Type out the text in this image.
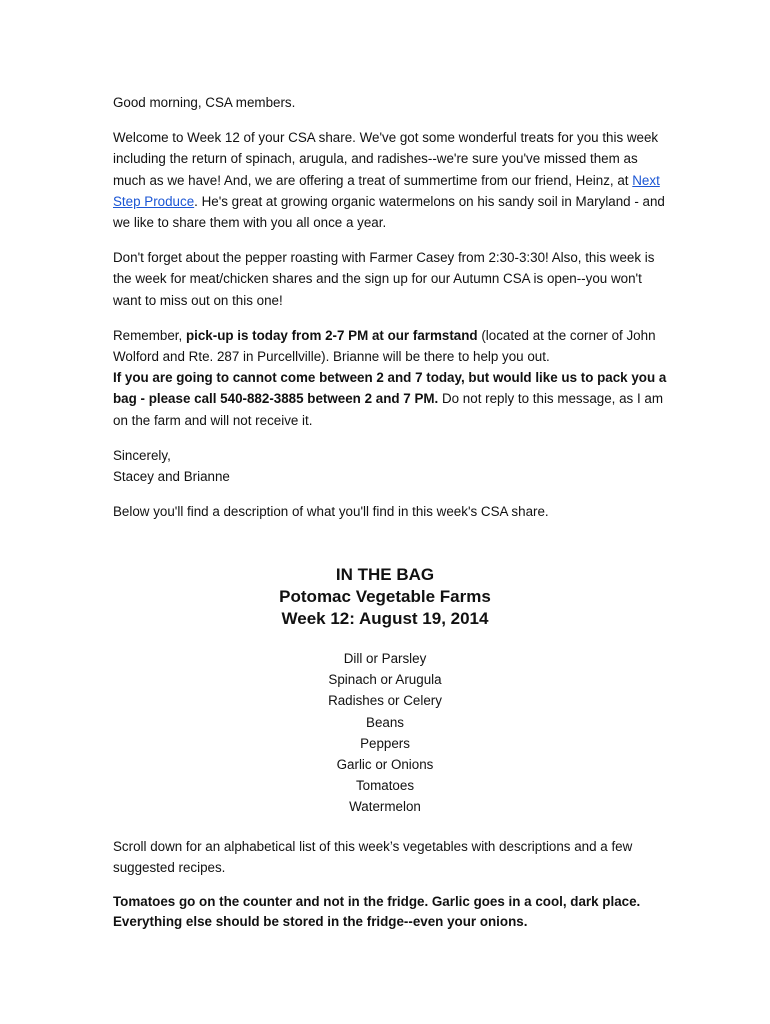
Good morning, CSA members.

Welcome to Week 12 of your CSA share. We've got some wonderful treats for you this week including the return of spinach, arugula, and radishes--we're sure you've missed them as much as we have! And, we are offering a treat of summertime from our friend, Heinz, at Next Step Produce. He's great at growing organic watermelons on his sandy soil in Maryland - and we like to share them with you all once a year.

Don't forget about the pepper roasting with Farmer Casey from 2:30-3:30! Also, this week is the week for meat/chicken shares and the sign up for our Autumn CSA is open--you won't want to miss out on this one!

Remember, pick-up is today from 2-7 PM at our farmstand (located at the corner of John Wolford and Rte. 287 in Purcellville). Brianne will be there to help you out.
If you are going to cannot come between 2 and 7 today, but would like us to pack you a bag - please call 540-882-3885 between 2 and 7 PM. Do not reply to this message, as I am on the farm and will not receive it.

Sincerely,
Stacey and Brianne

Below you'll find a description of what you'll find in this week's CSA share.

IN THE BAG

Potomac Vegetable Farms

Week 12: August 19, 2014

Dill or Parsley
Spinach or Arugula
Radishes or Celery
Beans
Peppers
Garlic or Onions
Tomatoes
Watermelon

Scroll down for an alphabetical list of this week’s vegetables with descriptions and a few suggested recipes.

Tomatoes go on the counter and not in the fridge. Garlic goes in a cool, dark place. Everything else should be stored in the fridge--even your onions.
